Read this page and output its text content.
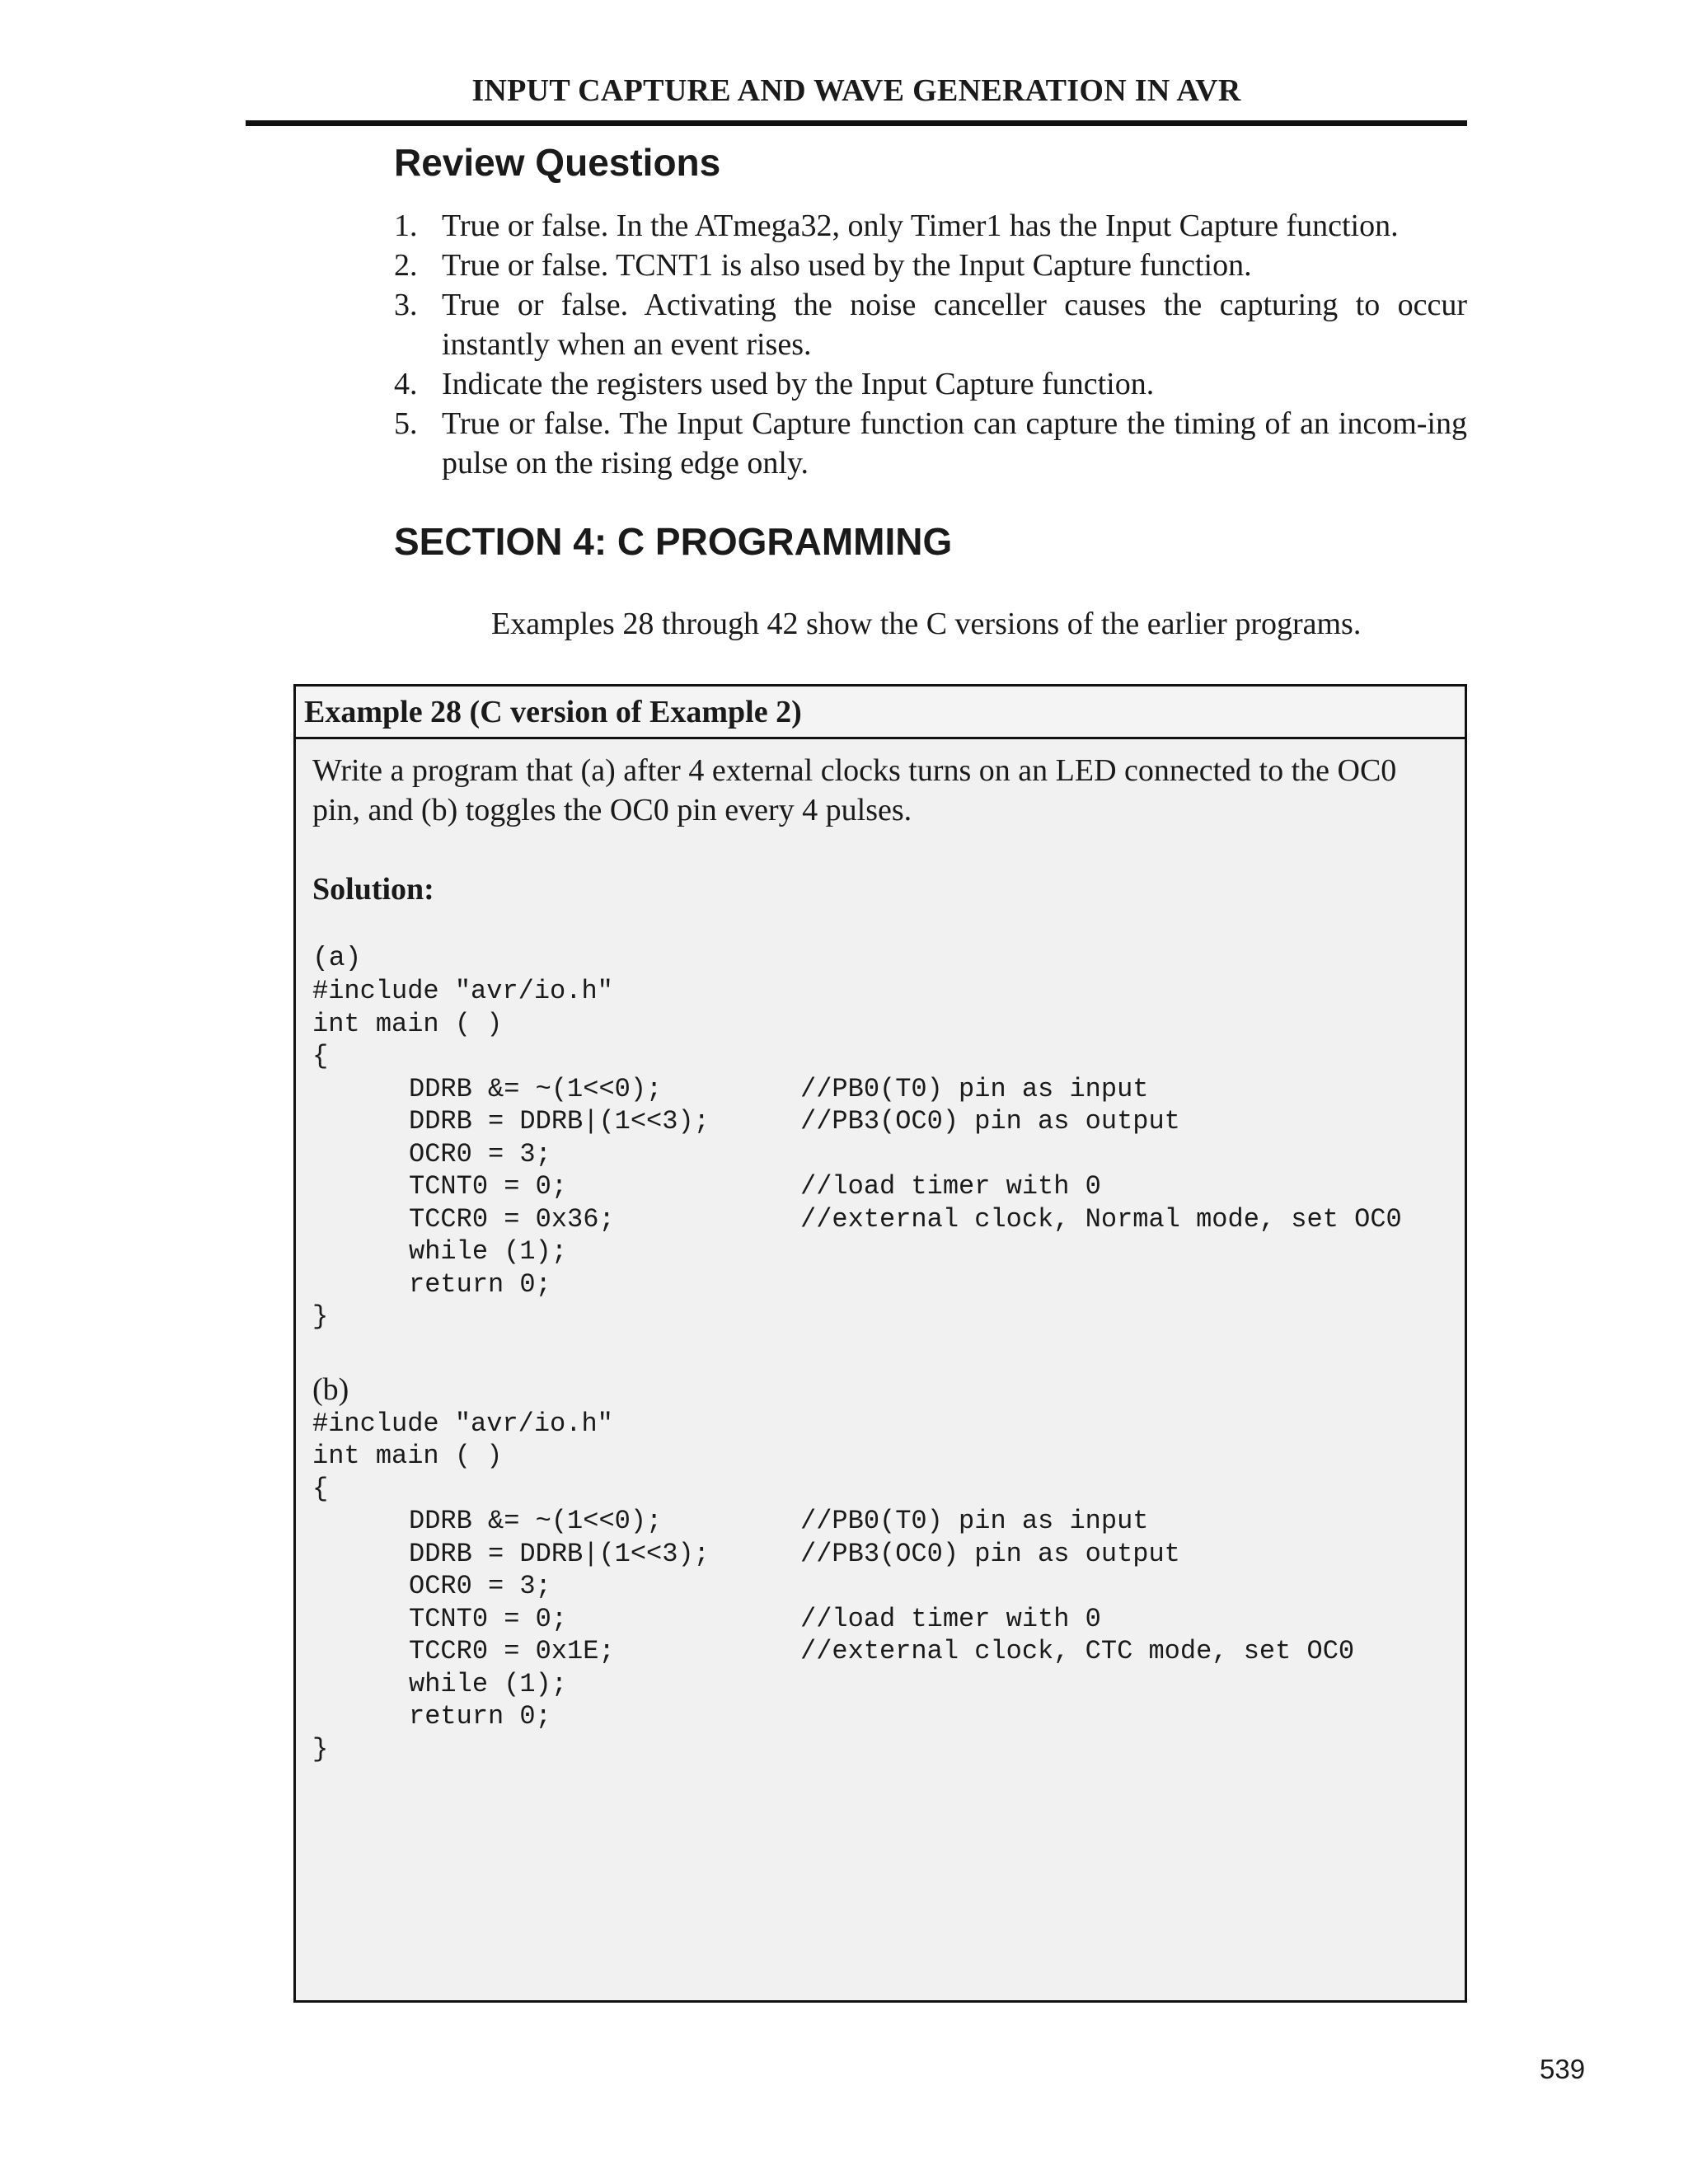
INPUT CAPTURE AND WAVE GENERATION IN AVR
Review Questions
1. True or false. In the ATmega32, only Timer1 has the Input Capture function.
2. True or false. TCNT1 is also used by the Input Capture function.
3. True or false. Activating the noise canceller causes the capturing to occur instantly when an event rises.
4. Indicate the registers used by the Input Capture function.
5. True or false. The Input Capture function can capture the timing of an incom-ing pulse on the rising edge only.
SECTION 4: C PROGRAMMING
Examples 28 through 42 show the C versions of the earlier programs.
Example 28 (C version of Example 2)
Write a program that (a) after 4 external clocks turns on an LED connected to the OC0 pin, and (b) toggles the OC0 pin every 4 pulses.
Solution:
(a)
#include "avr/io.h"
int main ( )
{
DDRB &= ~(1<<0);	//PB0(T0) pin as input
DDRB = DDRB|(1<<3);	//PB3(OC0) pin as output
OCR0 = 3;
TCNT0 = 0;	//load timer with 0
TCCR0 = 0x36;	//external clock, Normal mode, set OC0
while (1);
return 0;
}
(b)
#include "avr/io.h"
int main ( )
{
DDRB &= ~(1<<0);	//PB0(T0) pin as input
DDRB = DDRB|(1<<3);	//PB3(OC0) pin as output
OCR0 = 3;
TCNT0 = 0;	//load timer with 0
TCCR0 = 0x1E;	//external clock, CTC mode, set OC0
while (1);
return 0;
}
539
